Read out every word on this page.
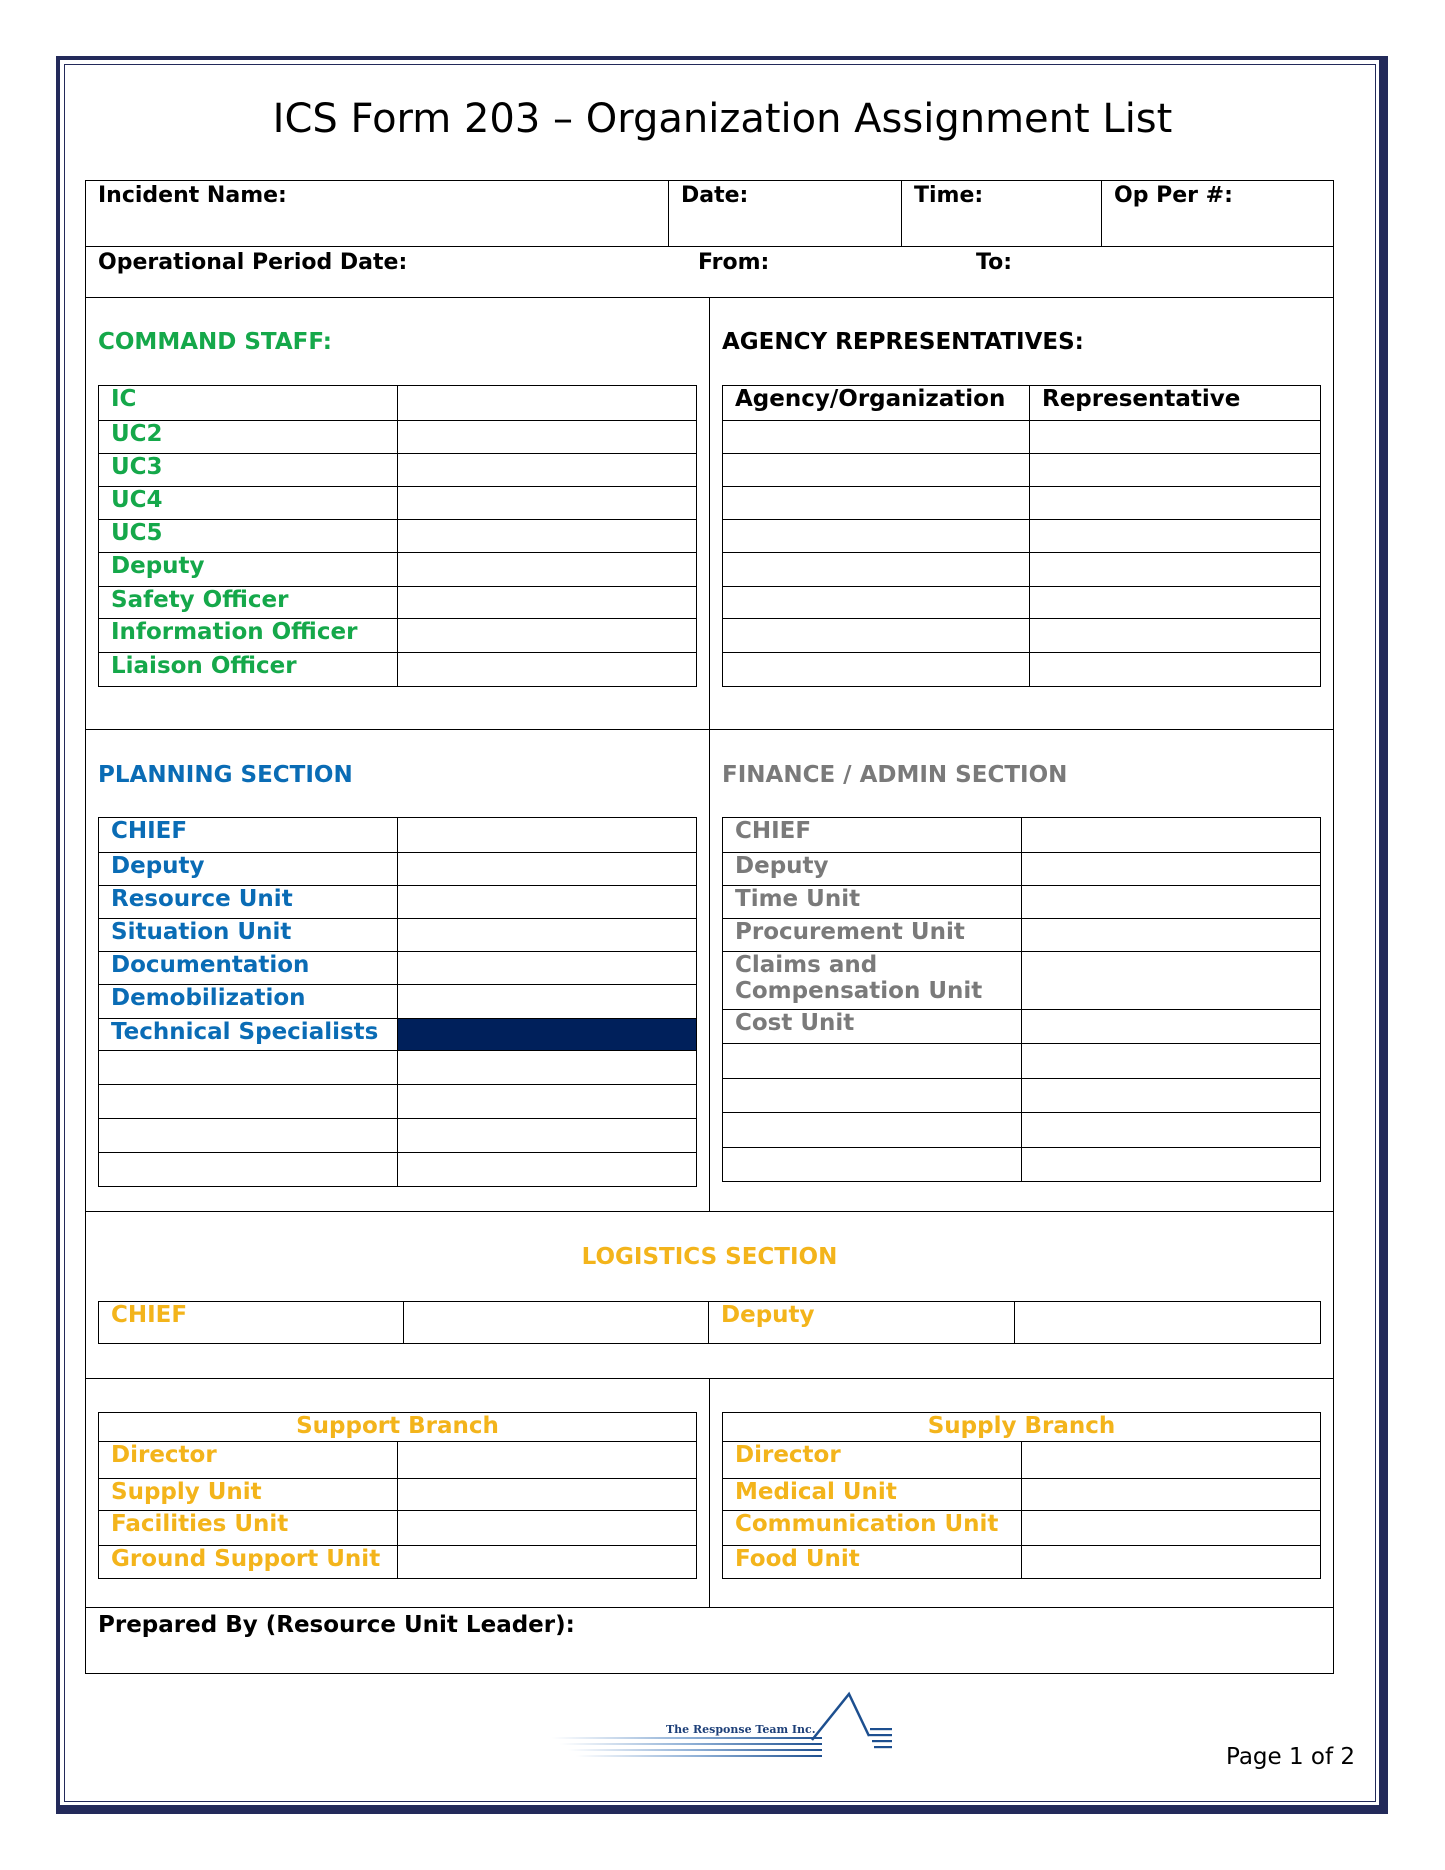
ICS Form 203 – Organization Assignment List
Incident Name:	Date:	Time:	Op Per #:
Operational Period Date:	From:	To:
COMMAND STAFF:
IC	
UC2	
UC3	
UC4	
UC5	
Deputy	
Safety Officer	
Information Officer	
Liaison Officer	
AGENCY REPRESENTATIVES:
Agency/Organization	Representative

PLANNING SECTION
CHIEF	
Deputy	
Resource Unit	
Situation Unit	
Documentation	
Demobilization	
Technical Specialists	

FINANCE / ADMIN SECTION
CHIEF	
Deputy	
Time Unit	
Procurement Unit	

Claims and
Compensation Unit	

Cost Unit	

LOGISTICS SECTION
CHIEF		Deputy	
Support Branch	
Director	
Supply Unit	
Facilities Unit	
Ground Support Unit	
Supply Branch	
Director	
Medical Unit	
Communication Unit	
Food Unit	
Prepared By (Resource Unit Leader):
The Response Team Inc.
Page 1 of 2
